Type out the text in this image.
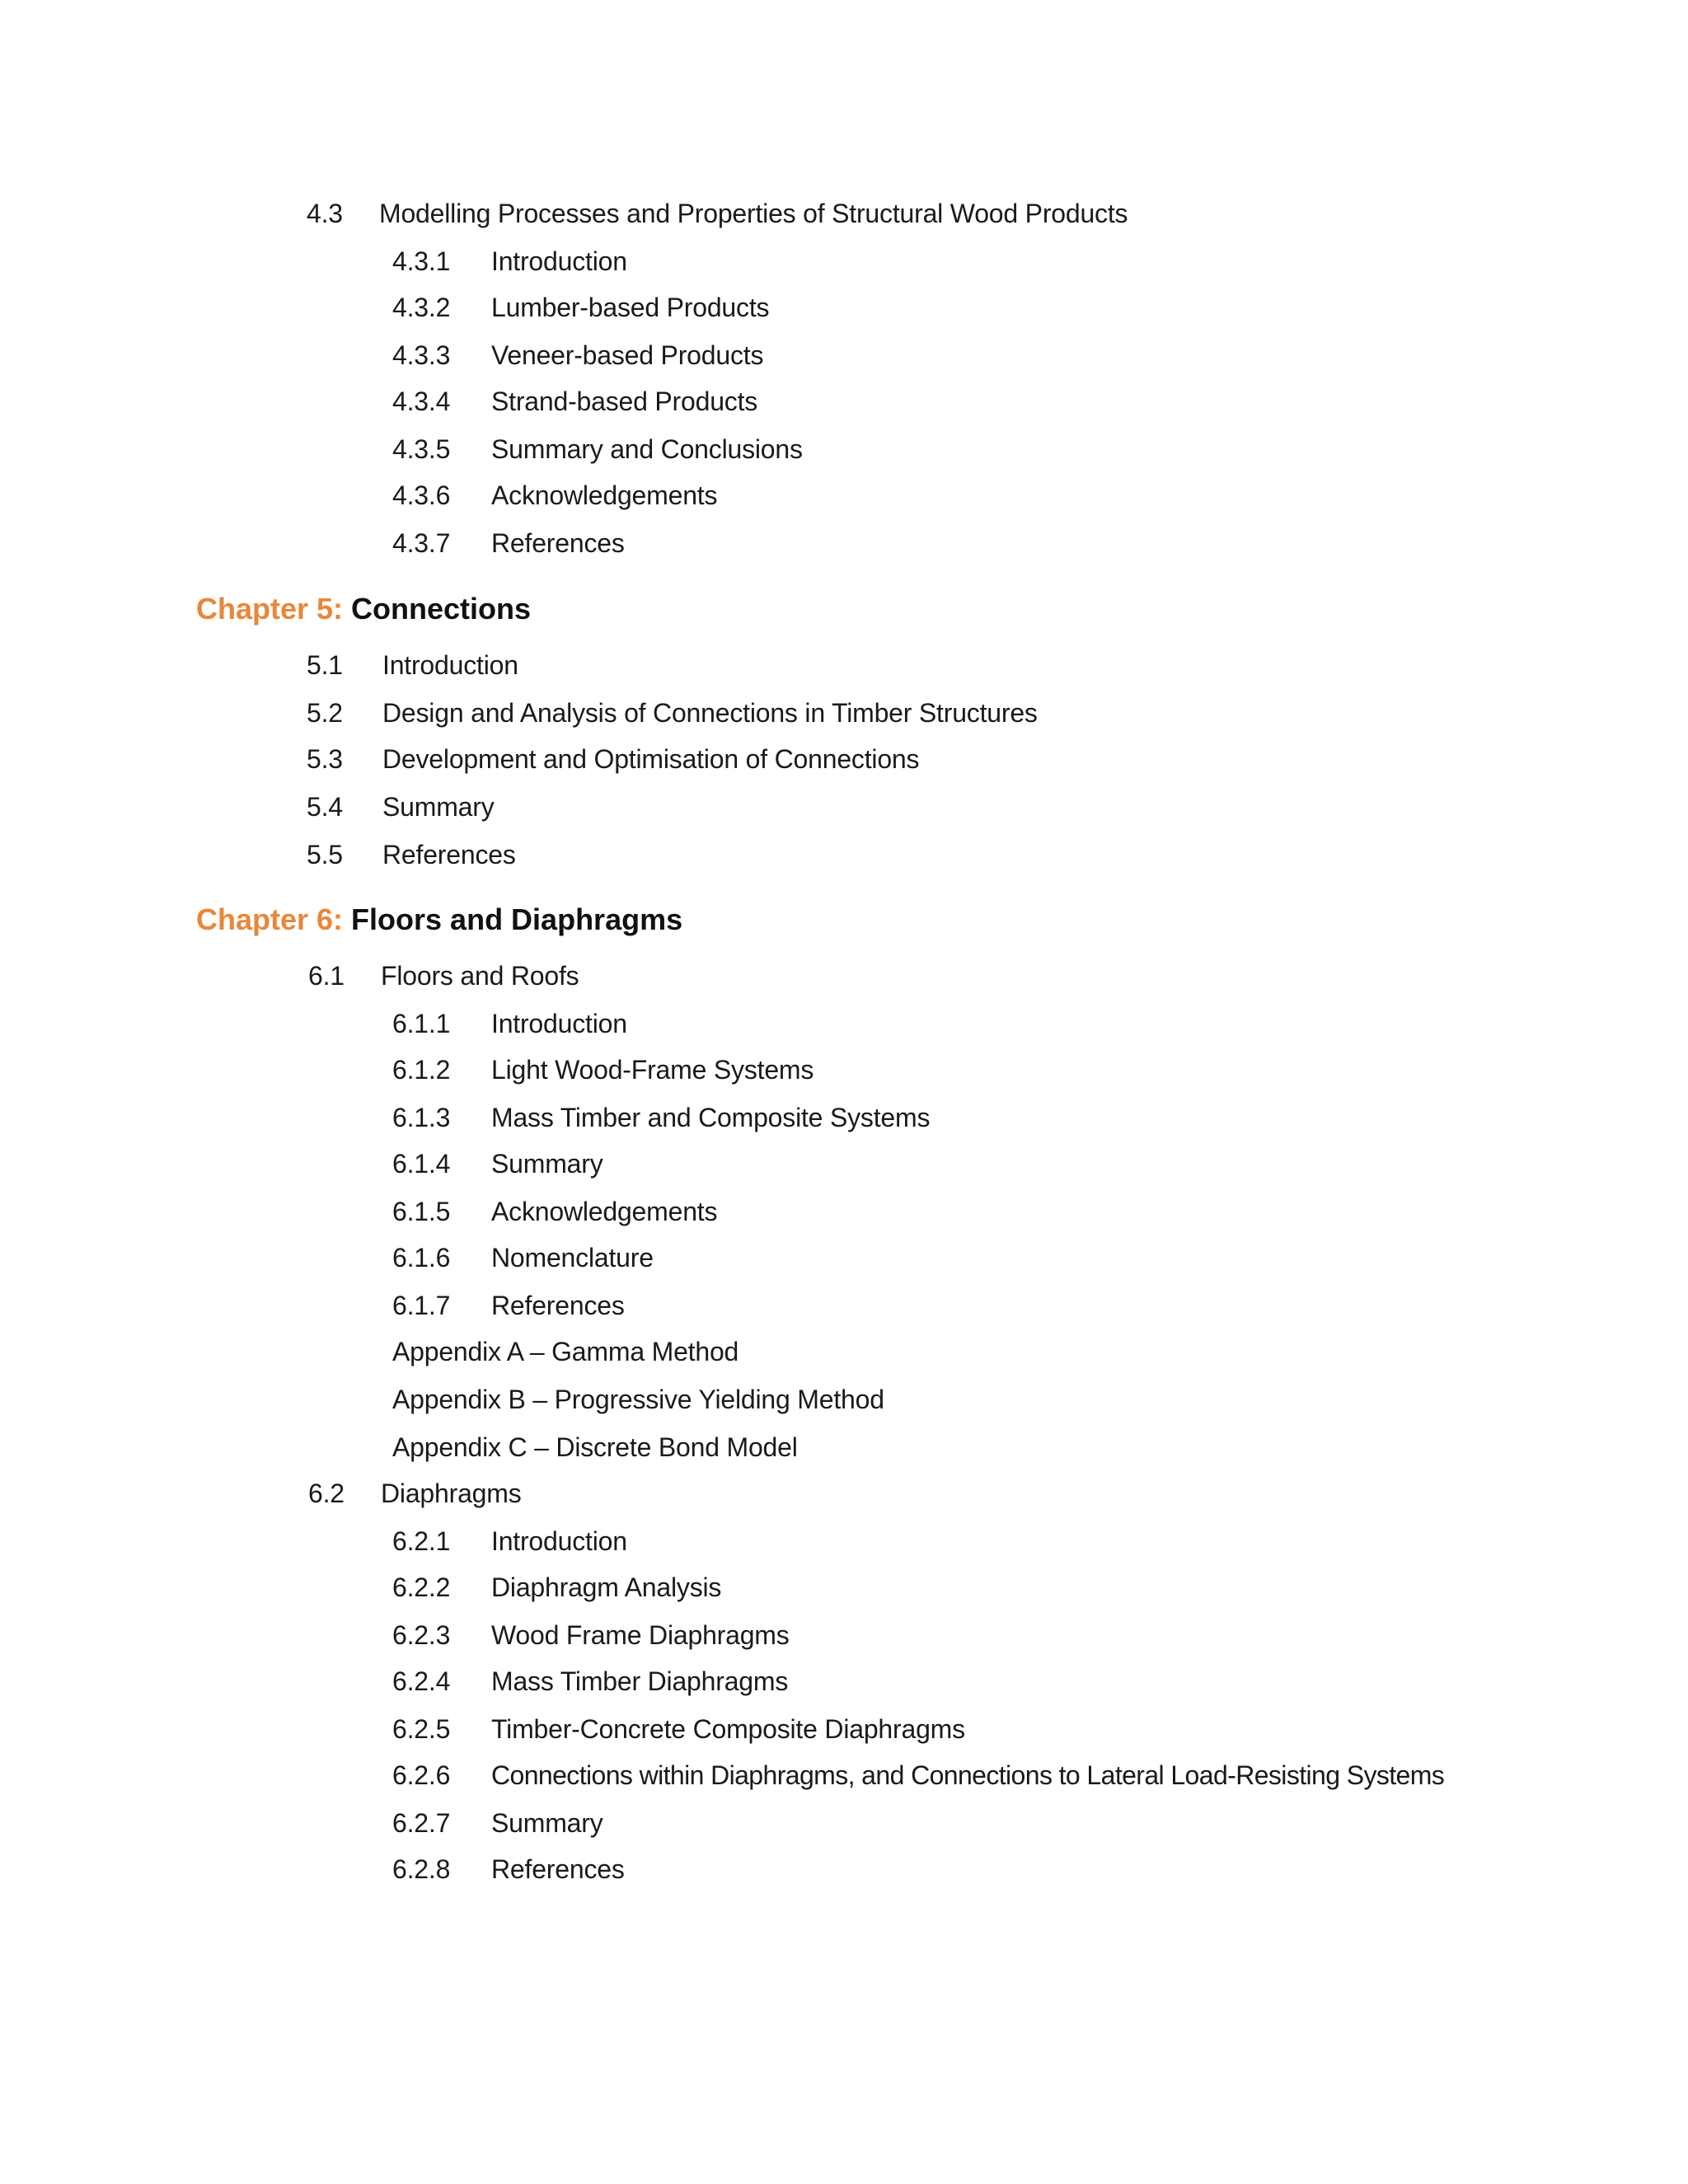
4.3 Modelling Processes and Properties of Structural Wood Products
4.3.1 Introduction
4.3.2 Lumber-based Products
4.3.3 Veneer-based Products
4.3.4 Strand-based Products
4.3.5 Summary and Conclusions
4.3.6 Acknowledgements
4.3.7 References
Chapter 5: Connections
5.1 Introduction
5.2 Design and Analysis of Connections in Timber Structures
5.3 Development and Optimisation of Connections
5.4 Summary
5.5 References
Chapter 6: Floors and Diaphragms
6.1 Floors and Roofs
6.1.1 Introduction
6.1.2 Light Wood-Frame Systems
6.1.3 Mass Timber and Composite Systems
6.1.4 Summary
6.1.5 Acknowledgements
6.1.6 Nomenclature
6.1.7 References
Appendix A – Gamma Method
Appendix B – Progressive Yielding Method
Appendix C – Discrete Bond Model
6.2 Diaphragms
6.2.1 Introduction
6.2.2 Diaphragm Analysis
6.2.3 Wood Frame Diaphragms
6.2.4 Mass Timber Diaphragms
6.2.5 Timber-Concrete Composite Diaphragms
6.2.6 Connections within Diaphragms, and Connections to Lateral Load-Resisting Systems
6.2.7 Summary
6.2.8 References
